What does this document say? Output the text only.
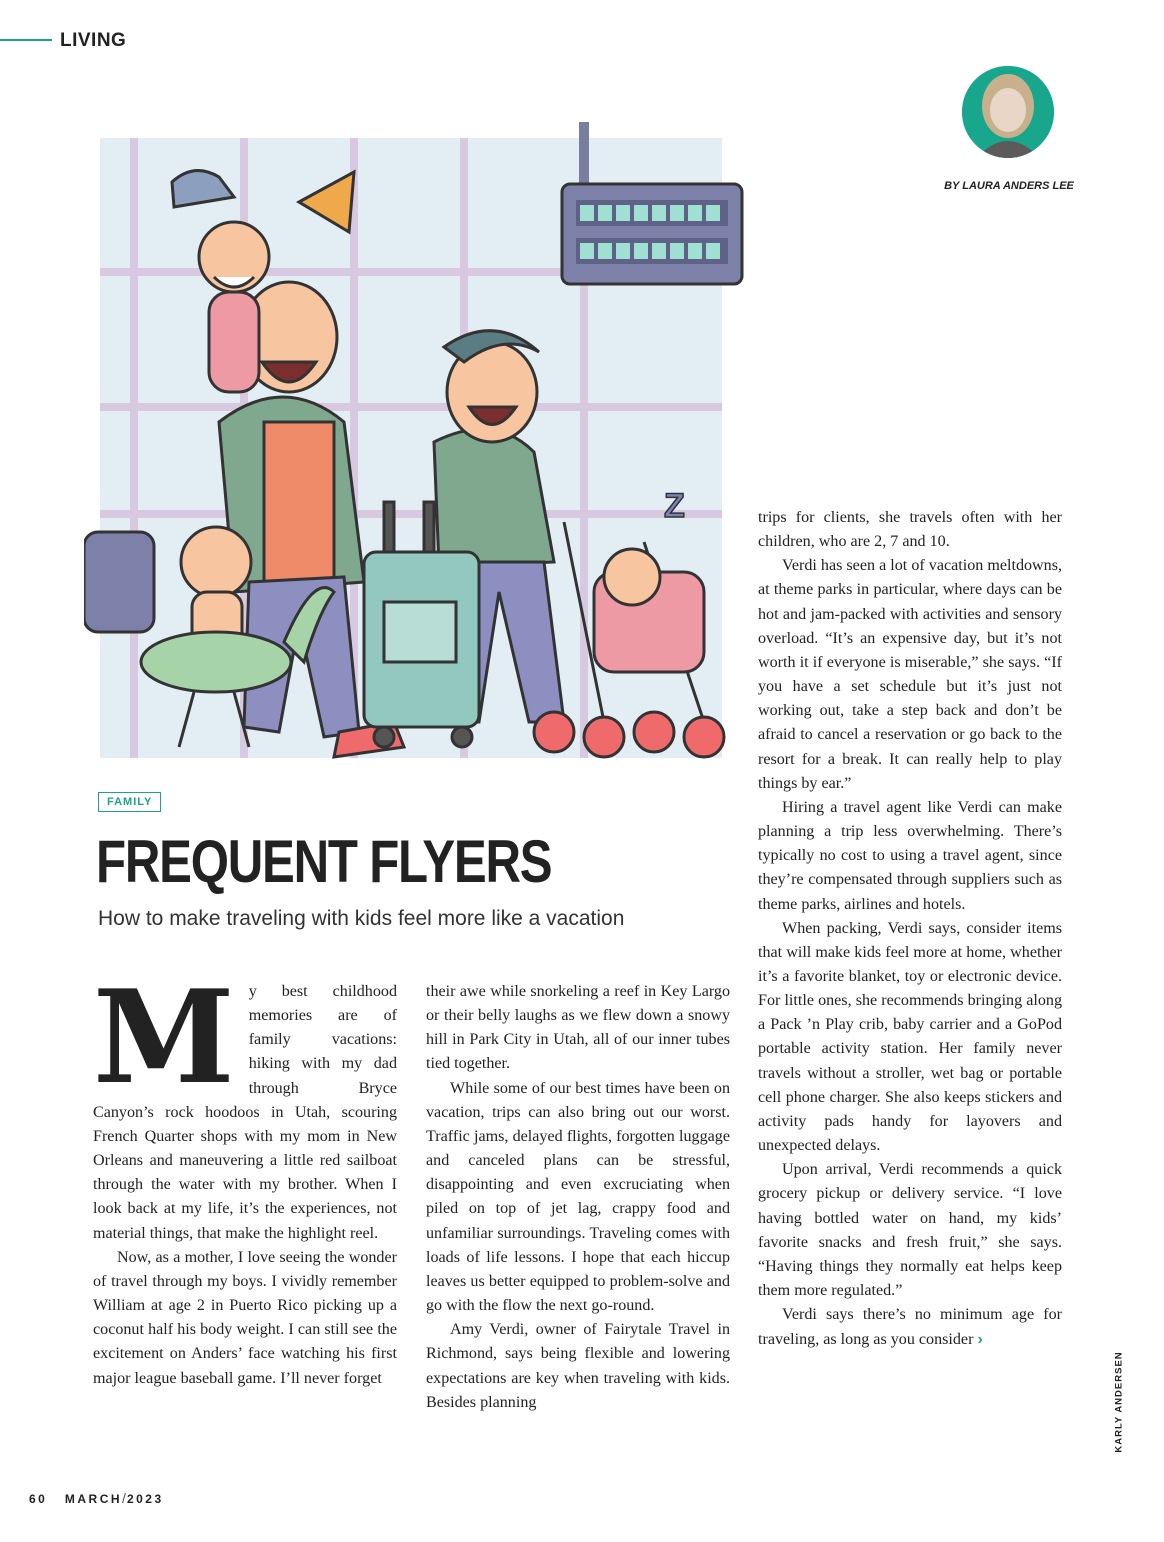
LIVING
Z
BY LAURA ANDERS LEE
FAMILY
FREQUENT FLYERS
How to make traveling with kids feel more like a vacation
M y best childhood memories are of family vacations: hiking with my dad through Bryce Canyon’s rock hoodoos in Utah, scouring French Quarter shops with my mom in New Orleans and maneuvering a little red sailboat through the water with my brother. When I look back at my life, it’s the experiences, not material things, that make the highlight reel.

Now, as a mother, I love seeing the wonder of travel through my boys. I vividly remember William at age 2 in Puerto Rico picking up a coconut half his body weight. I can still see the excitement on Anders’ face watching his first major league baseball game. I’ll never forget

their awe while snorkeling a reef in Key Largo or their belly laughs as we flew down a snowy hill in Park City in Utah, all of our inner tubes tied together.

While some of our best times have been on vacation, trips can also bring out our worst. Traffic jams, delayed flights, forgotten luggage and canceled plans can be stressful, disappointing and even excruciating when piled on top of jet lag, crappy food and unfamiliar surroundings. Traveling comes with loads of life lessons. I hope that each hiccup leaves us better equipped to problem-solve and go with the flow the next go-round.

Amy Verdi, owner of Fairytale Travel in Richmond, says being flexible and lowering expectations are key when traveling with kids. Besides planning

trips for clients, she travels often with her children, who are 2, 7 and 10.

Verdi has seen a lot of vacation meltdowns, at theme parks in particular, where days can be hot and jam-packed with activities and sensory overload. “It’s an expensive day, but it’s not worth it if everyone is miserable,” she says. “If you have a set schedule but it’s just not working out, take a step back and don’t be afraid to cancel a reservation or go back to the resort for a break. It can really help to play things by ear.”

Hiring a travel agent like Verdi can make planning a trip less overwhelming. There’s typically no cost to using a travel agent, since they’re compensated through suppliers such as theme parks, airlines and hotels.

When packing, Verdi says, consider items that will make kids feel more at home, whether it’s a favorite blanket, toy or electronic device. For little ones, she recommends bringing along a Pack ’n Play crib, baby carrier and a GoPod portable activity station. Her family never travels without a stroller, wet bag or portable cell phone charger. She also keeps stickers and activity pads handy for layovers and unexpected delays.

Upon arrival, Verdi recommends a quick grocery pickup or delivery service. “I love having bottled water on hand, my kids’ favorite snacks and fresh fruit,” she says. “Having things they normally eat helps keep them more regulated.”

Verdi says there’s no minimum age for traveling, as long as you consider ›

KARLY ANDERSEN
60 MARCH/2023
